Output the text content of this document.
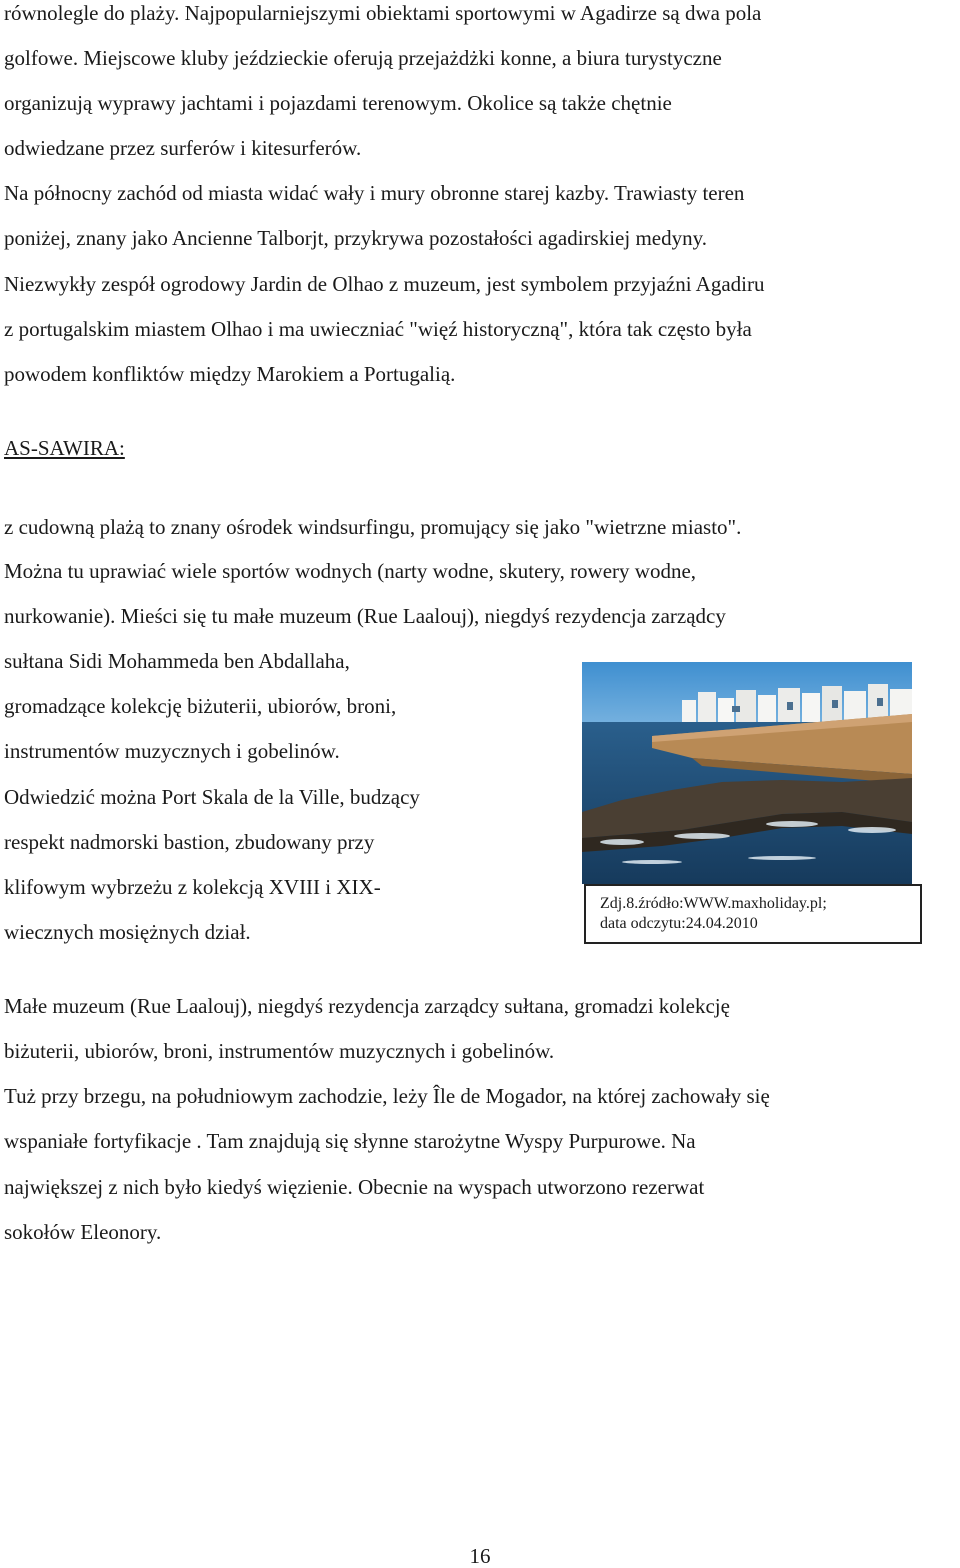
równolegle do plaży. Najpopularniejszymi obiektami sportowymi w Agadirze są dwa pola

golfowe. Miejscowe kluby jeździeckie oferują przejażdżki konne, a biura turystyczne

organizują wyprawy jachtami i pojazdami terenowym. Okolice są także chętnie

odwiedzane przez surferów i kitesurferów.

Na północny zachód od miasta widać wały i mury obronne starej kazby. Trawiasty teren

poniżej, znany jako Ancienne Talborjt, przykrywa pozostałości agadirskiej medyny.

Niezwykły zespół ogrodowy Jardin de Olhao z muzeum, jest symbolem przyjaźni Agadiru

z portugalskim miastem Olhao i ma uwieczniać "więź historyczną", która tak często była

powodem konfliktów między Marokiem a Portugalią.

AS-SAWIRA:

z cudowną plażą to znany ośrodek windsurfingu, promujący się jako "wietrzne miasto".

Można tu uprawiać wiele sportów wodnych (narty wodne, skutery, rowery wodne,

nurkowanie). Mieści się tu małe muzeum (Rue Laalouj), niegdyś rezydencja zarządcy

sułtana Sidi Mohammeda ben Abdallaha,

gromadzące kolekcję biżuterii, ubiorów, broni,

instrumentów muzycznych i gobelinów.

Odwiedzić można Port Skala de la Ville, budzący

respekt nadmorski bastion, zbudowany przy

klifowym wybrzeżu z kolekcją XVIII i XIX-

wiecznych mosiężnych dział.

Zdj.8.źródło:WWW.maxholiday.pl;
data odczytu:24.04.2010

Małe muzeum (Rue Laalouj), niegdyś rezydencja zarządcy sułtana, gromadzi kolekcję

biżuterii, ubiorów, broni, instrumentów muzycznych i gobelinów.

Tuż przy brzegu, na południowym zachodzie, leży Île de Mogador, na której zachowały się

wspaniałe fortyfikacje . Tam znajdują się słynne starożytne Wyspy Purpurowe. Na

największej z nich było kiedyś więzienie. Obecnie na wyspach utworzono rezerwat

sokołów Eleonory.

16
